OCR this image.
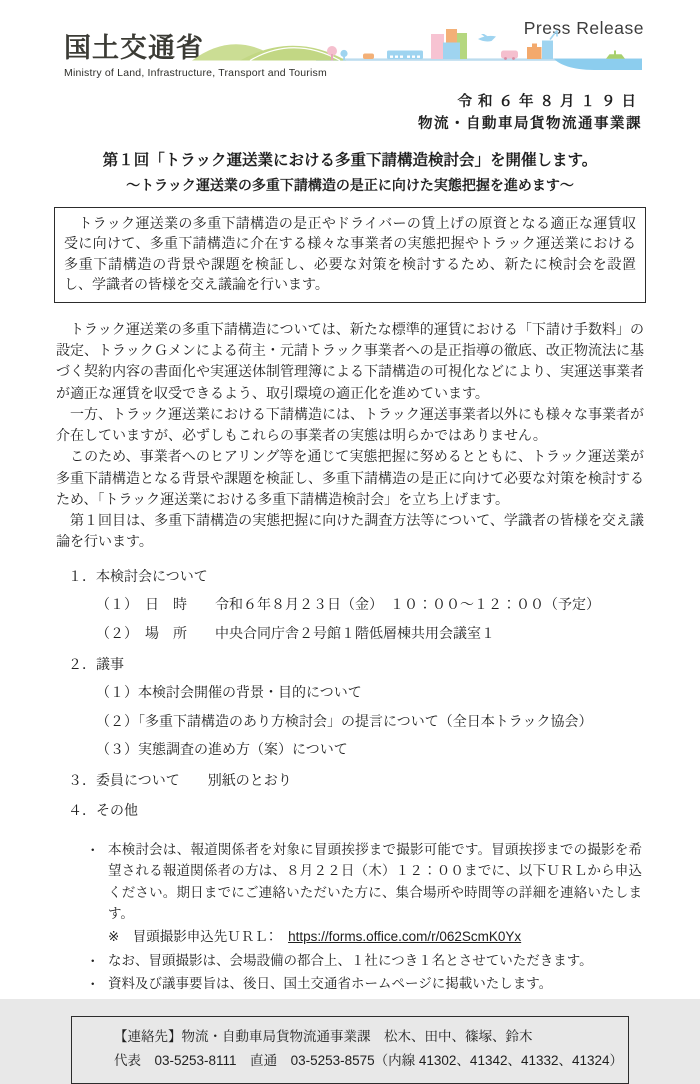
国土交通省
Ministry of Land, Infrastructure, Transport and Tourism
Press Release
令和６年８月１９日
物流・自動車局貨物流通事業課
第１回「トラック運送業における多重下請構造検討会」を開催します。
～トラック運送業の多重下請構造の是正に向けた実態把握を進めます～
　トラック運送業の多重下請構造の是正やドライバーの賃上げの原資となる適正な運賃収受に向けて、多重下請構造に介在する様々な事業者の実態把握やトラック運送業における多重下請構造の背景や課題を検証し、必要な対策を検討するため、新たに検討会を設置し、学識者の皆様を交え議論を行います。
　トラック運送業の多重下請構造については、新たな標準的運賃における「下請け手数料」の設定、トラックＧメンによる荷主・元請トラック事業者への是正指導の徹底、改正物流法に基づく契約内容の書面化や実運送体制管理簿による下請構造の可視化などにより、実運送事業者が適正な運賃を収受できるよう、取引環境の適正化を進めています。
　一方、トラック運送業における下請構造には、トラック運送事業者以外にも様々な事業者が介在していますが、必ずしもこれらの事業者の実態は明らかではありません。
　このため、事業者へのヒアリング等を通じて実態把握に努めるとともに、トラック運送業が多重下請構造となる背景や課題を検証し、多重下請構造の是正に向けて必要な対策を検討するため、「トラック運送業における多重下請構造検討会」を立ち上げます。
　第１回目は、多重下請構造の実態把握に向けた調査方法等について、学識者の皆様を交え議論を行います。
１．本検討会について
（１）　日　時　　令和６年８月２３日（金）　１０：００～１２：００（予定）
（２）　場　所　　中央合同庁舎２号館１階低層棟共用会議室１
２．議事
（１）本検討会開催の背景・目的について
（２）「多重下請構造のあり方検討会」の提言について（全日本トラック協会）
（３）実態調査の進め方（案）について
３．委員について　　別紙のとおり
４．その他
・ 本検討会は、報道関係者を対象に冒頭挨拶まで撮影可能です。冒頭挨拶までの撮影を希望される報道関係者の方は、８月２２日（木）１２：００までに、以下ＵＲＬから申込ください。期日までにご連絡いただいた方に、集合場所や時間等の詳細を連絡いたします。
※　冒頭撮影申込先ＵＲＬ：　https://forms.office.com/r/062ScmK0Yx
・ なお、冒頭撮影は、会場設備の都合上、１社につき１名とさせていただきます。
・ 資料及び議事要旨は、後日、国土交通省ホームページに掲載いたします。
【連絡先】物流・自動車局貨物流通事業課　松木、田中、篠塚、鈴木
代表　03-5253-8111　直通　03-5253-8575（内線 41302、41342、41332、41324）
